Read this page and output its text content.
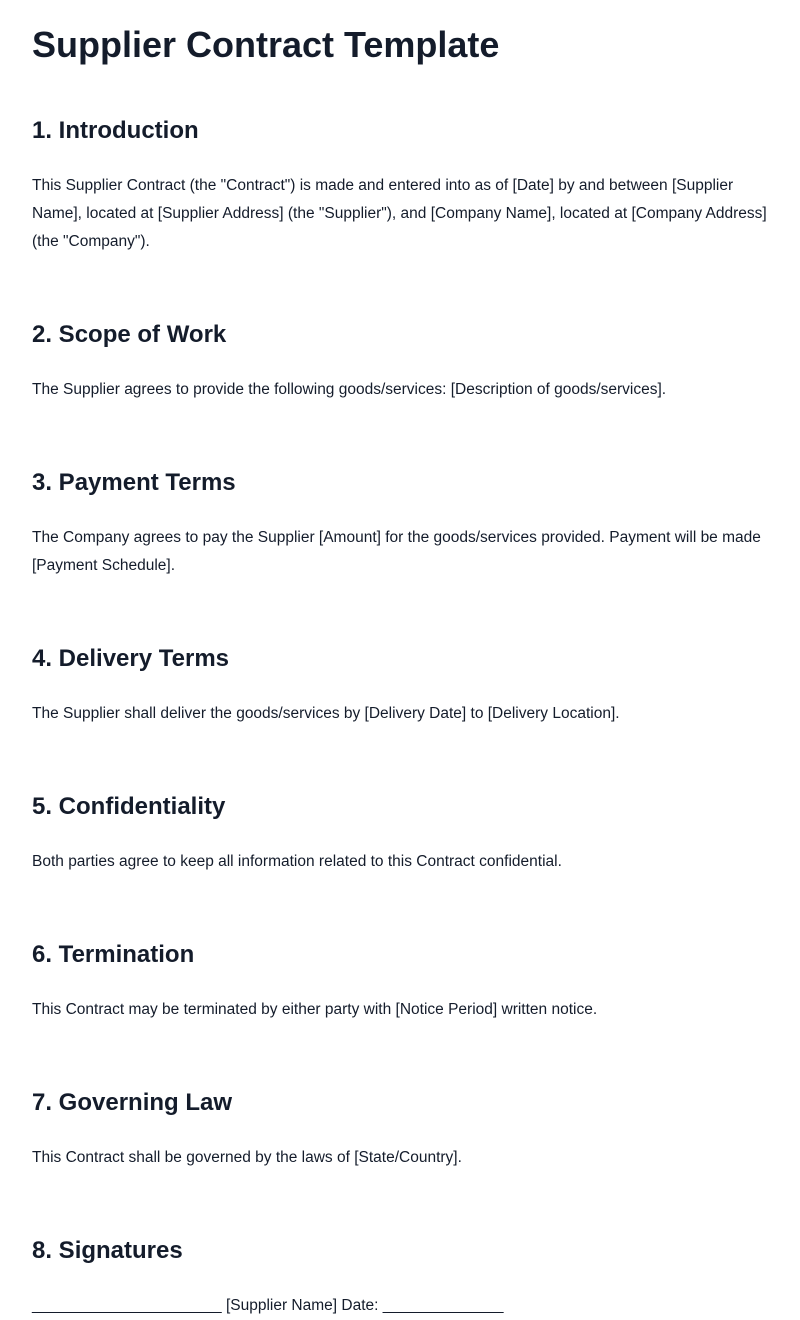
Supplier Contract Template
1. Introduction

This Supplier Contract (the "Contract") is made and entered into as of [Date] by and between [Supplier Name], located at [Supplier Address] (the "Supplier"), and [Company Name], located at [Company Address] (the "Company").

2. Scope of Work

The Supplier agrees to provide the following goods/services: [Description of goods/services].

3. Payment Terms

The Company agrees to pay the Supplier [Amount] for the goods/services provided. Payment will be made [Payment Schedule].

4. Delivery Terms

The Supplier shall deliver the goods/services by [Delivery Date] to [Delivery Location].

5. Confidentiality

Both parties agree to keep all information related to this Contract confidential.

6. Termination

This Contract may be terminated by either party with [Notice Period] written notice.

7. Governing Law

This Contract shall be governed by the laws of [State/Country].

8. Signatures

______________________ [Supplier Name] Date: ______________
